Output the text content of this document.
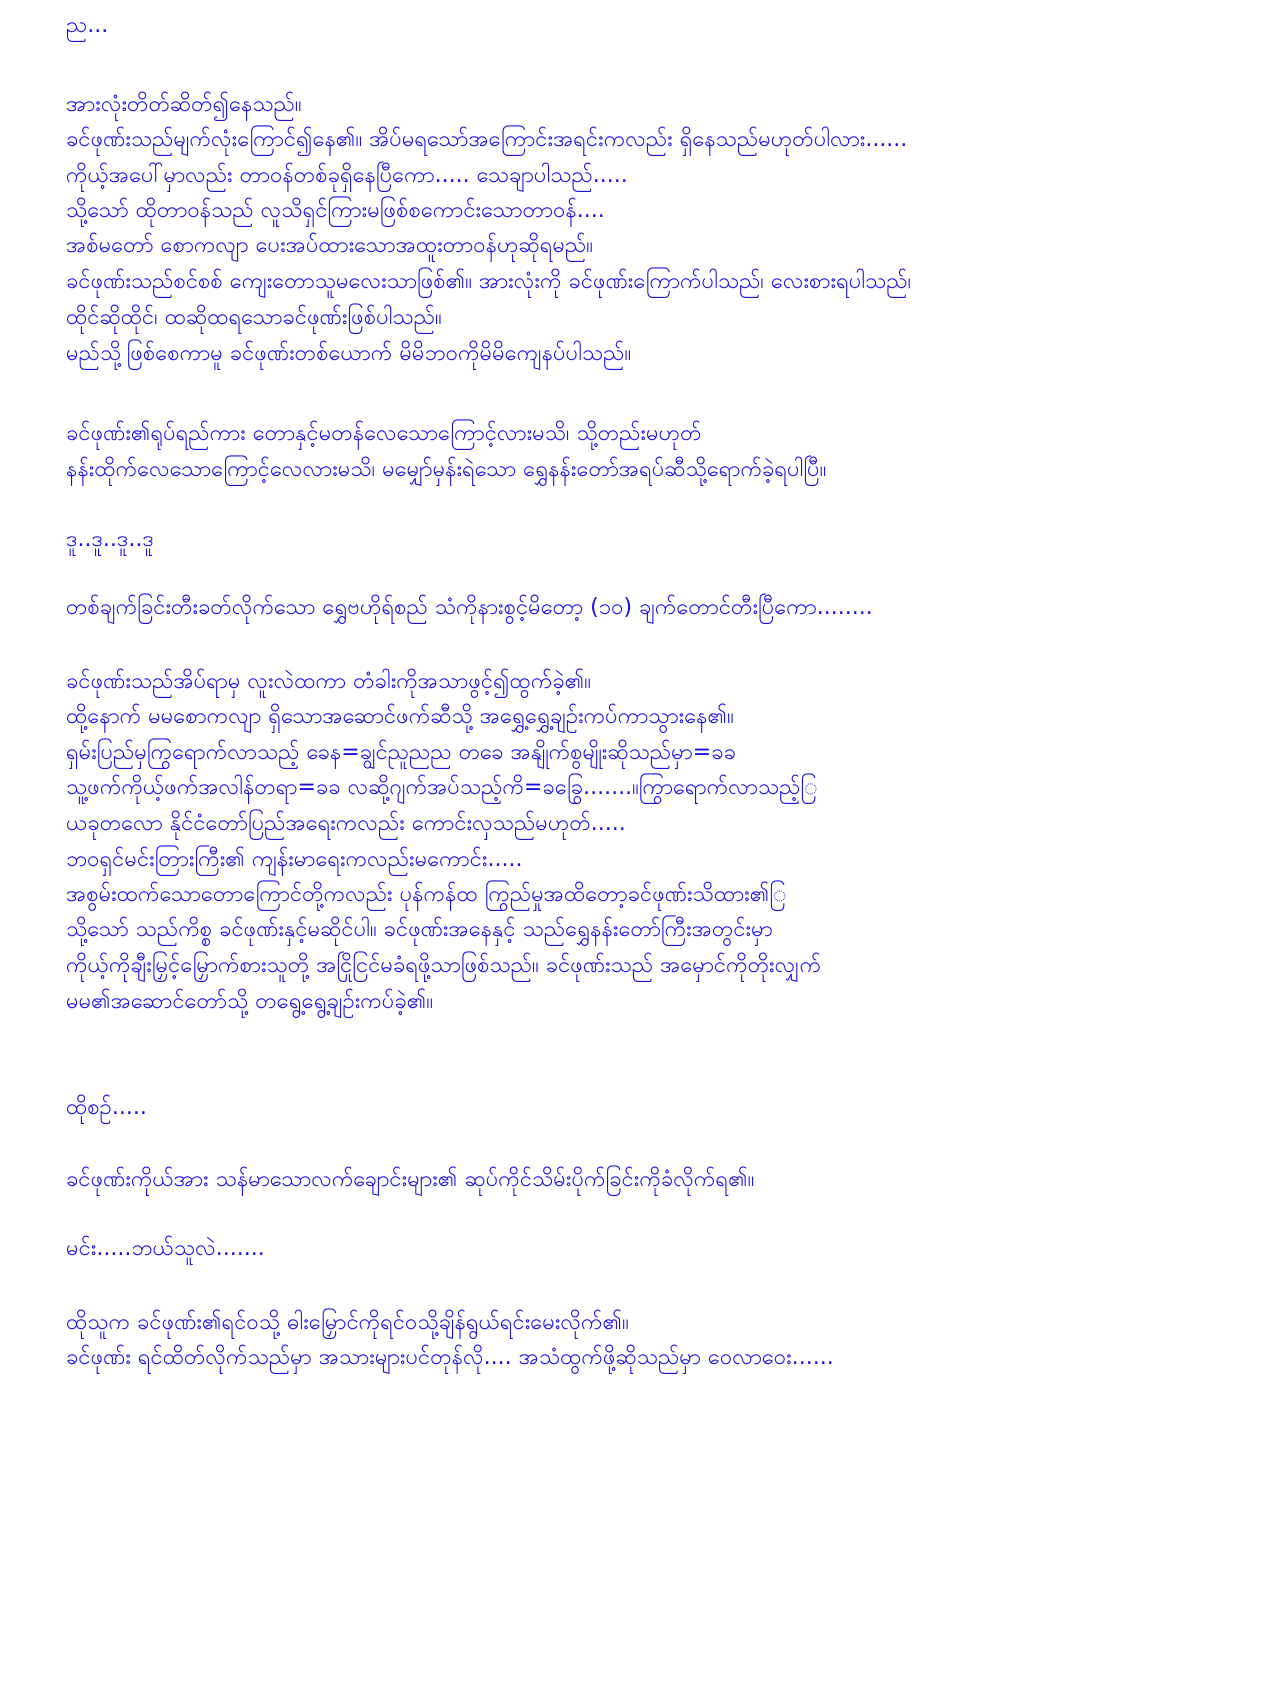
ည...
အားလုံးတိတ်ဆိတ်၍နေသည်။
ခင်ဖုဏ်းသည်မျက်လုံးကြောင်၍နေ၏။ အိပ်မရသော်အကြောင်းအရင်းကလည်း ရှိနေသည်မဟုတ်ပါလား......
ကိုယ့်အပေါ်မှာလည်း တာဝန်တစ်ခုရှိနေပြီကော..... သေချာပါသည်.....
သို့သော် ထိုတာဝန်သည် လူသိရှင်ကြားမဖြစ်စကောင်းသောတာဝန်....
အစ်မတော် စောကလျာ ပေးအပ်ထားသောအထူးတာဝန်ဟုဆိုရမည်။
ခင်ဖုဏ်းသည်စင်စစ် ကျေးတောသူမလေးသာဖြစ်၏။ အားလုံးကို ခင်ဖုဏ်းကြောက်ပါသည်၊ လေးစားရပါသည်၊
ထိုင်ဆိုထိုင်၊ ထဆိုထရသောခင်ဖုဏ်းဖြစ်ပါသည်။
မည်သို့ဖြစ်စေကာမူ ခင်ဖုဏ်းတစ်ယောက် မိမိဘဝကိုမိမိကျေနပ်ပါသည်။
ခင်ဖုဏ်း၏ရုပ်ရည်ကား တောနှင့်မတန်လေသောကြောင့်လားမသိ၊ သို့တည်းမဟုတ်
နန်းထိုက်လေသောကြောင့်လေလားမသိ၊ မမျှော်မှန်းရဲသော ရွှေနန်းတော်အရပ်ဆီသို့ရောက်ခဲ့ရပါပြီ။
ဒူ..ဒူ..ဒူ..ဒူ
တစ်ချက်ခြင်းတီးခတ်လိုက်သော ရွှေဗဟိုရ်စည် သံကိုနားစွင့်မိတော့ (၁၀) ချက်တောင်တီးပြီကော........
ခင်ဖုဏ်းသည်အိပ်ရာမှ လူးလဲထကာ တံခါးကိုအသာဖွင့်၍ထွက်ခဲ့၏။
ထို့နောက် မမစောကလျာ ရှိသောအဆောင်ဖက်ဆီသို့ အရွှေ့ရွှေ့ချဉ်းကပ်ကာသွားနေ၏။
ရှမ်းပြည်မှကြွရောက်လာသည့် ခေန=ချွင်ညူညည တခေ အနျိုက်စွမျိုးဆိုသည်မှာ=ခခ
သူ့ဖက်ကိုယ့်ဖက်အလါန်တရာ=ခခ လဆို့ဂျက်အပ်သည့်ကိ=ခခြွေ.......။ကြွာရောက်လာသည့်ြ
ယခုတလော နိုင်ငံတော်ပြည်အရေးကလည်း ကောင်းလှသည်မဟုတ်.....
ဘဝရှင်မင်းတြားကြီး၏ ကျန်းမာရေးကလည်းမကောင်း.....
အစွမ်းထက်သောတောကြောင်တို့ကလည်း ပုန်ကန်ထ ကြွည်မှုအထိတော့ခင်ဖုဏ်းသိထား၏ြ
သို့သော် သည်ကိစ္စ ခင်ဖုဏ်းနှင့်မဆိုင်ပါ။ ခင်ဖုဏ်းအနေနှင့် သည်ရွှေနန်းတော်ကြီးအတွင်းမှာ
ကိုယ့်ကိုချီးမြှင့်မြှောက်စားသူတို့ အငြိုငြင်မခံရဖို့သာဖြစ်သည်။ ခင်ဖုဏ်းသည် အမှောင်ကိုတိုးလျှက်
မမ၏အဆောင်တော်သို့ တရွေ့ရွေ့ချဉ်းကပ်ခဲ့၏။
ထိုစဉ်.....
ခင်ဖုဏ်းကိုယ်အား သန်မာသောလက်ချောင်းများ၏ ဆုပ်ကိုင်သိမ်းပိုက်ခြင်းကိုခံလိုက်ရ၏။
မင်း.....ဘယ်သူလဲ.......
ထိုသူက ခင်ဖုဏ်း၏ရင်ဝသို့ ဓါးမြှောင်ကိုရင်ဝသို့ချိန်ရွယ်ရင်းမေးလိုက်၏။
ခင်ဖုဏ်း ရင်ထိတ်လိုက်သည်မှာ အသားများပင်တုန်လို.... အသံထွက်ဖို့ဆိုသည်မှာ ဝေလာဝေး......
